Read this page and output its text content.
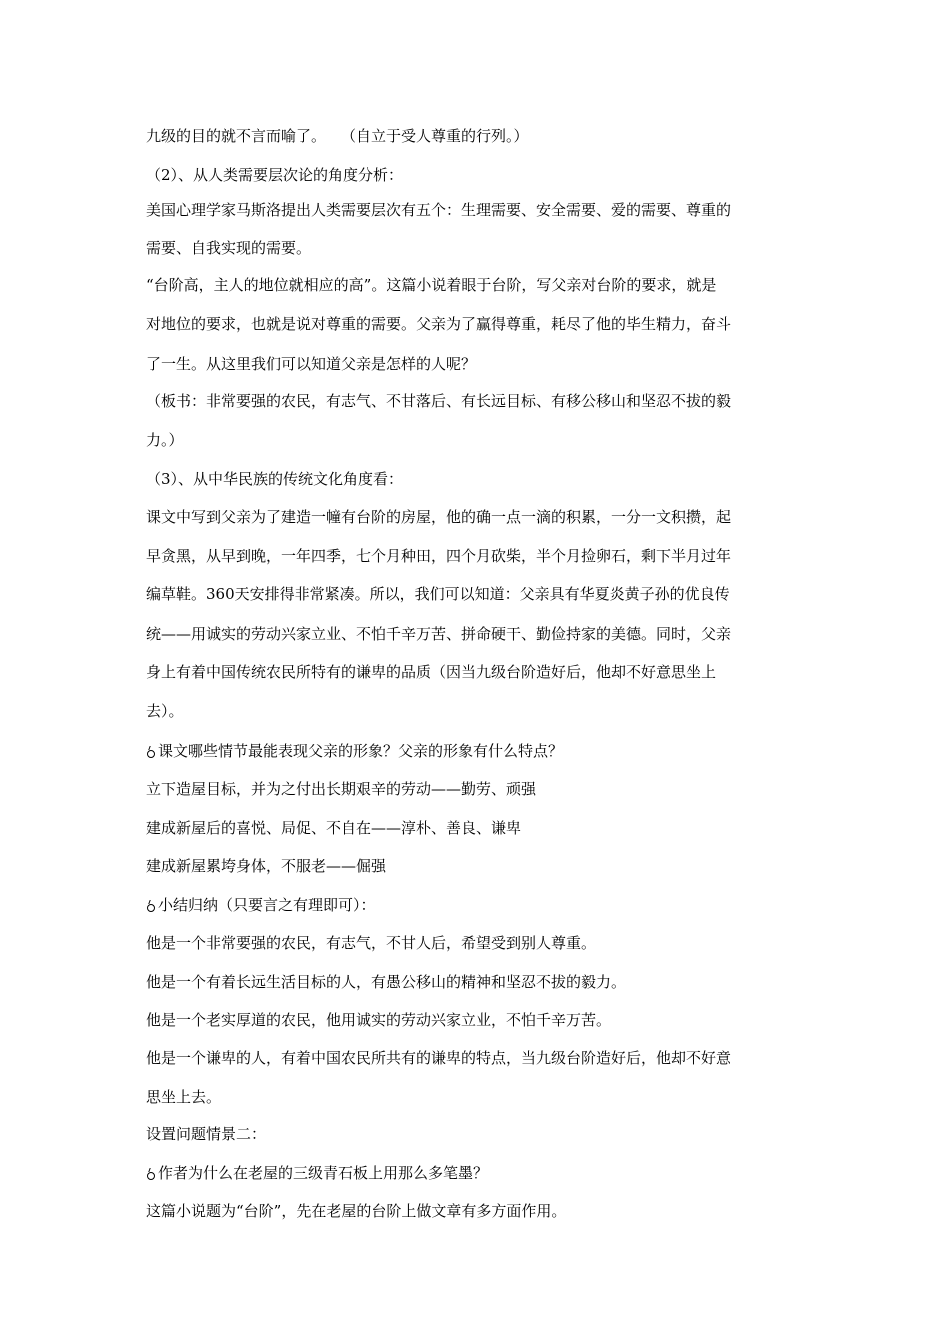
九级的目的就不言而喻了。　　（自立于受人尊重的行列。）
（2）、从人类需要层次论的角度分析：
美国心理学家马斯洛提出人类需要层次有五个：生理需要、安全需要、爱的需要、尊重的
需要、自我实现的需要。
“台阶高，主人的地位就相应的高”。这篇小说着眼于台阶，写父亲对台阶的要求，就是
对地位的要求，也就是说对尊重的需要。父亲为了赢得尊重，耗尽了他的毕生精力，奋斗
了一生。从这里我们可以知道父亲是怎样的人呢？
（板书：非常要强的农民，有志气、不甘落后、有长远目标、有移公移山和坚忍不拔的毅
力。）
（3）、从中华民族的传统文化角度看：
课文中写到父亲为了建造一幢有台阶的房屋，他的确一点一滴的积累，一分一文积攒，起
早贪黑，从早到晚，一年四季，七个月种田，四个月砍柴，半个月捡卵石，剩下半月过年
编草鞋。360天安排得非常紧凑。所以，我们可以知道：父亲具有华夏炎黄子孙的优良传
统——用诚实的劳动兴家立业、不怕千辛万苦、拼命硬干、勤俭持家的美德。同时，父亲
身上有着中国传统农民所特有的谦卑的品质（因当九级台阶造好后，他却不好意思坐上
去）。
课文哪些情节最能表现父亲的形象？父亲的形象有什么特点？
立下造屋目标，并为之付出长期艰辛的劳动——勤劳、顽强
建成新屋后的喜悦、局促、不自在——淳朴、善良、谦卑
建成新屋累垮身体，不服老——倔强
小结归纳（只要言之有理即可）：
他是一个非常要强的农民，有志气，不甘人后，希望受到别人尊重。
他是一个有着长远生活目标的人，有愚公移山的精神和坚忍不拔的毅力。
他是一个老实厚道的农民，他用诚实的劳动兴家立业，不怕千辛万苦。
他是一个谦卑的人，有着中国农民所共有的谦卑的特点，当九级台阶造好后，他却不好意
思坐上去。
设置问题情景二：
作者为什么在老屋的三级青石板上用那么多笔墨？
这篇小说题为“台阶”，先在老屋的台阶上做文章有多方面作用。
